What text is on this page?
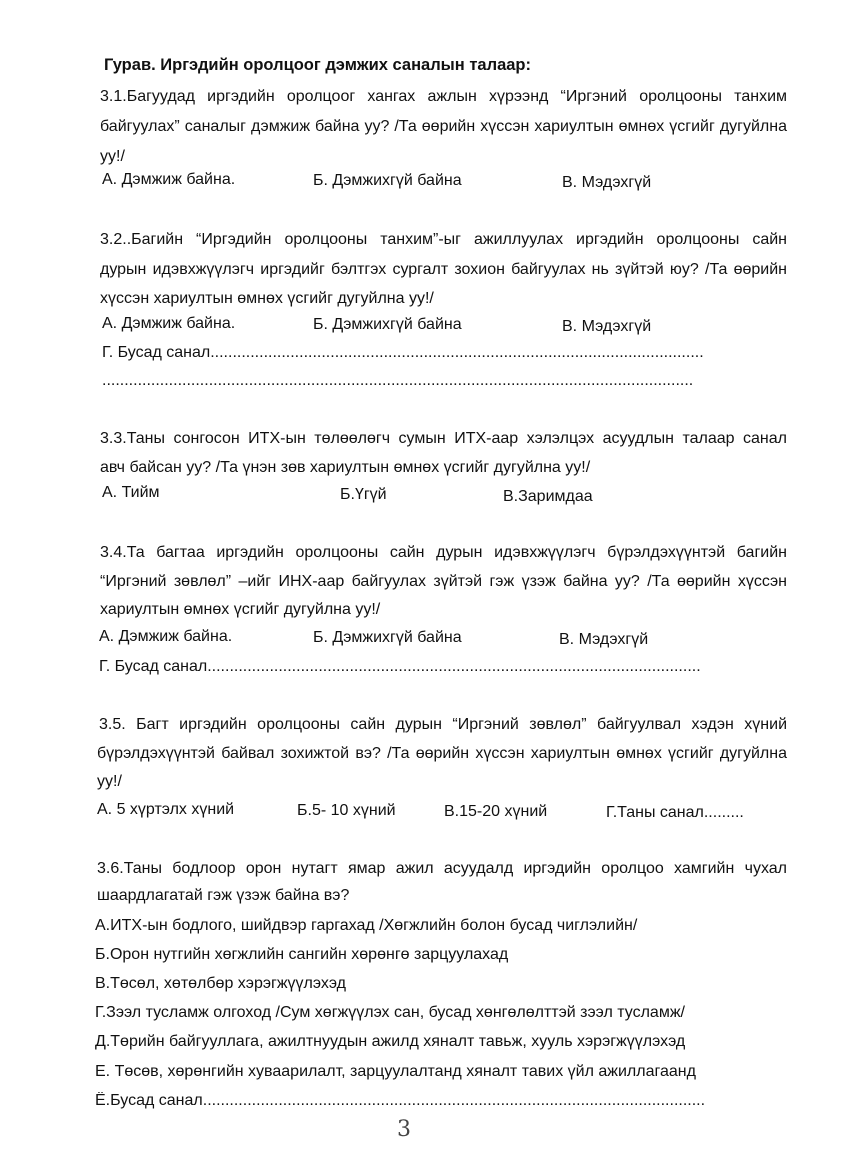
Гурав. Иргэдийн оролцоог дэмжих саналын талаар:
3.1.Багуудад иргэдийн оролцоог хангах ажлын хүрээнд “Иргэний оролцооны танхим
байгуулах” саналыг дэмжиж байна уу? /Та өөрийн хүссэн хариултын өмнөх үсгийг дугуйлна
уу!/
А. Дэмжиж байна.	Б. Дэмжихгүй байна	В. Мэдэхгүй
3.2..Багийн “Иргэдийн оролцооны танхим”-ыг ажиллуулах иргэдийн оролцооны сайн
дурын идэвхжүүлэгч иргэдийг бэлтгэх сургалт зохион байгуулах нь зүйтэй юу? /Та өөрийн
хүссэн хариултын өмнөх үсгийг дугуйлна уу!/
А. Дэмжиж байна.	Б. Дэмжихгүй байна	В. Мэдэхгүй
Г. Бусад санал...............................................................................................................
.....................................................................................................................................
3.3.Таны сонгосон ИТХ-ын төлөөлөгч сумын ИТХ-аар хэлэлцэх асуудлын талаар санал
авч байсан уу? /Та үнэн зөв хариултын өмнөх үсгийг дугуйлна уу!/
А. Тийм	Б.Үгүй	В.Заримдаа
3.4.Та багтаа иргэдийн оролцооны сайн дурын идэвхжүүлэгч бүрэлдэхүүнтэй багийн
“Иргэний зөвлөл” –ийг ИНХ-аар байгуулах зүйтэй гэж үзэж байна уу? /Та өөрийн хүссэн
хариултын өмнөх үсгийг дугуйлна уу!/
А. Дэмжиж байна.	Б. Дэмжихгүй байна	В. Мэдэхгүй
Г. Бусад санал...............................................................................................................
3.5. Багт иргэдийн оролцооны сайн дурын “Иргэний зөвлөл” байгуулвал хэдэн хүний
бүрэлдэхүүнтэй байвал зохижтой вэ? /Та өөрийн хүссэн хариултын өмнөх үсгийг дугуйлна
уу!/
А. 5 хүртэлх хүний	Б.5- 10 хүний	В.15-20 хүний	Г.Таны санал.........
3.6.Таны бодлоор орон нутагт ямар ажил асуудалд иргэдийн оролцоо хамгийн чухал
шаардлагатай гэж үзэж байна вэ?
А.ИТХ-ын бодлого, шийдвэр гаргахад /Хөгжлийн болон бусад чиглэлийн/
Б.Орон нутгийн хөгжлийн сангийн хөрөнгө зарцуулахад
В.Төсөл, хөтөлбөр хэрэгжүүлэхэд
Г.Зээл тусламж олгоход /Сум хөгжүүлэх сан, бусад хөнгөлөлттэй зээл тусламж/
Д.Төрийн байгууллага, ажилтнуудын ажилд хяналт тавьж, хууль хэрэгжүүлэхэд
Е. Төсөв, хөрөнгийн хуваарилалт, зарцуулалтанд хяналт тавих үйл ажиллагаанд
Ё.Бусад санал.................................................................................................................
3
